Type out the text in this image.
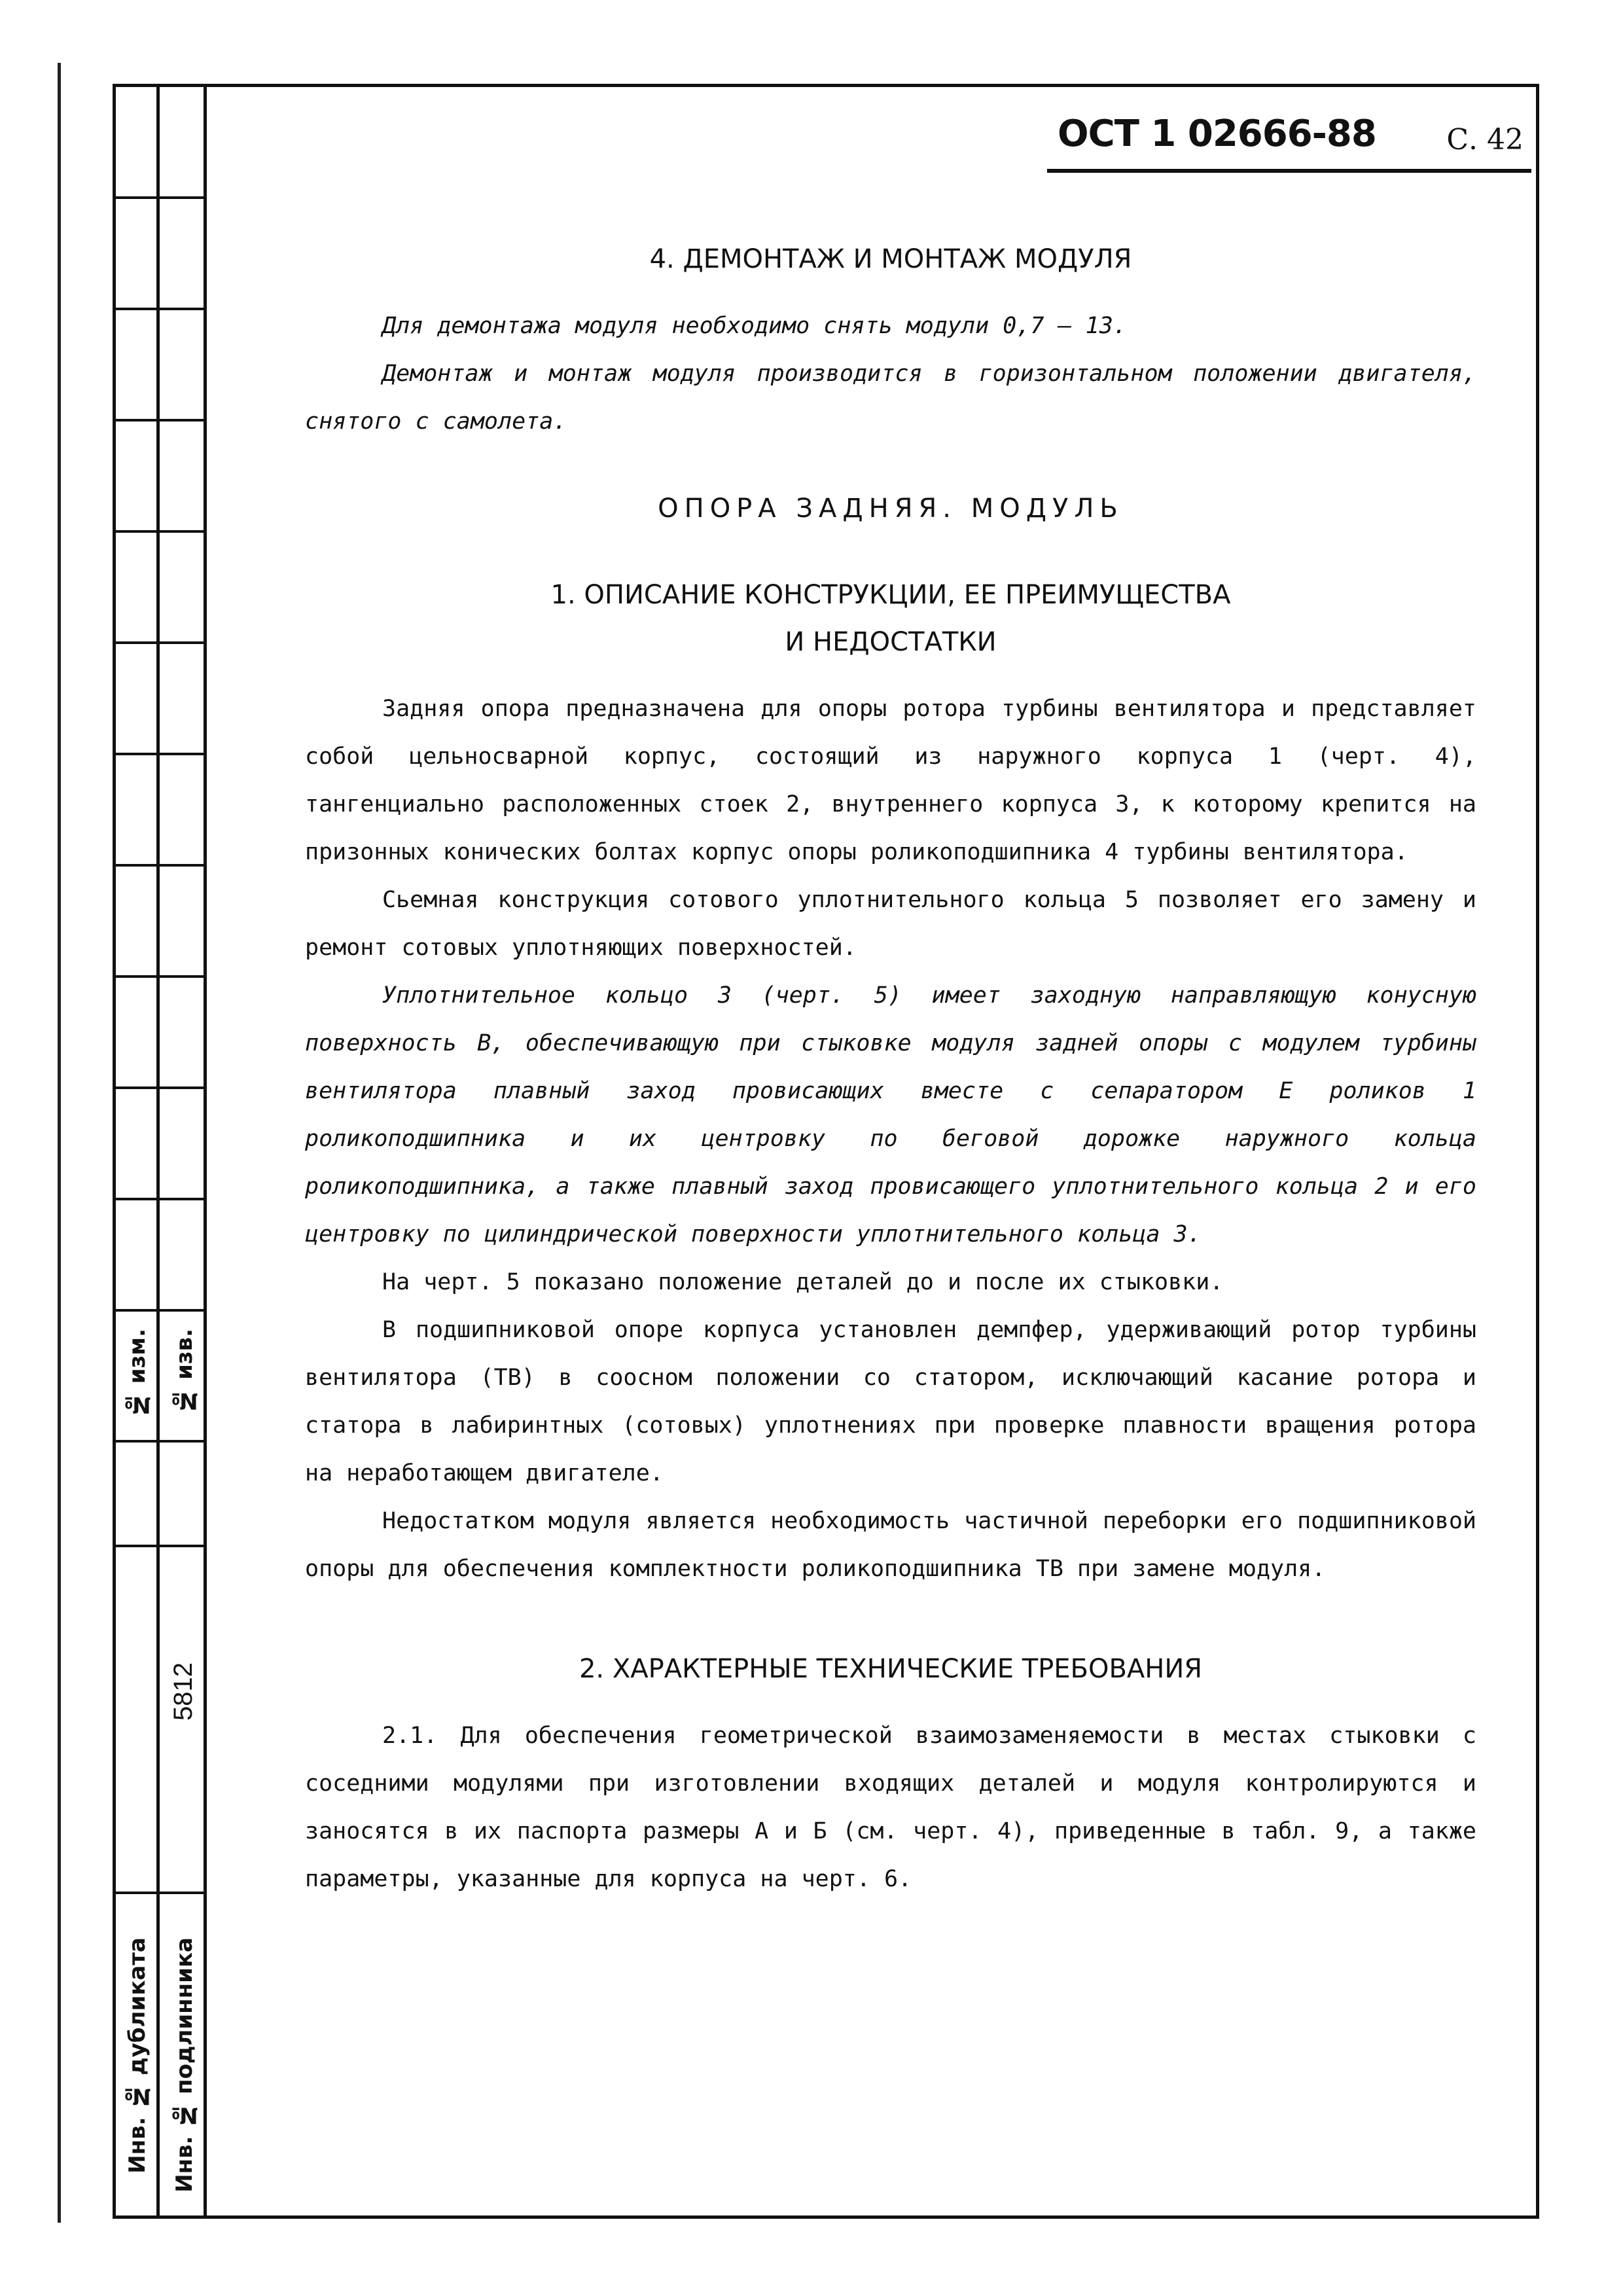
№ изм. № изв.
5812
Инв. № дубликата Инв. № подлинника
ОСТ 1 02666-88 С. 42

4. ДЕМОНТАЖ И МОНТАЖ МОДУЛЯ

Для демонтажа модуля необходимо снять модули 0,7 – 13.

Демонтаж и монтаж модуля производится в горизонтальном положении двигателя, снятого с самолета.

ОПОРА ЗАДНЯЯ. МОДУЛЬ

1. ОПИСАНИЕ КОНСТРУКЦИИ, ЕЕ ПРЕИМУЩЕСТВА

И НЕДОСТАТКИ

Задняя опора предназначена для опоры ротора турбины вентилятора и представляет собой цельносварной корпус, состоящий из наружного корпуса 1 (черт. 4), тангенциально расположенных стоек 2, внутреннего корпуса 3, к которому крепится на призонных конических болтах корпус опоры роликоподшипника 4 турбины вентилятора.

Сьемная конструкция сотового уплотнительного кольца 5 позволяет его замену и ремонт сотовых уплотняющих поверхностей.

Уплотнительное кольцо 3 (черт. 5) имеет заходную направляющую конусную поверхность В, обеспечивающую при стыковке модуля задней опоры с модулем турбины вентилятора плавный заход провисающих вместе с сепаратором Е роликов 1 роликоподшипника и их центровку по беговой дорожке наружного кольца роликоподшипника, а также плавный заход провисающего уплотнительного кольца 2 и его центровку по цилиндрической поверхности уплотнительного кольца 3.

На черт. 5 показано положение деталей до и после их стыковки.

В подшипниковой опоре корпуса установлен демпфер, удерживающий ротор турбины вентилятора (ТВ) в соосном положении со статором, исключающий касание ротора и статора в лабиринтных (сотовых) уплотнениях при проверке плавности вращения ротора на неработающем двигателе.

Недостатком модуля является необходимость частичной переборки его подшипниковой опоры для обеспечения комплектности роликоподшипника ТВ при замене модуля.

2. ХАРАКТЕРНЫЕ ТЕХНИЧЕСКИЕ ТРЕБОВАНИЯ

2.1. Для обеспечения геометрической взаимозаменяемости в местах стыковки с соседними модулями при изготовлении входящих деталей и модуля контролируются и заносятся в их паспорта размеры А и Б (см. черт. 4), приведенные в табл. 9, а также параметры, указанные для корпуса на черт. 6.
